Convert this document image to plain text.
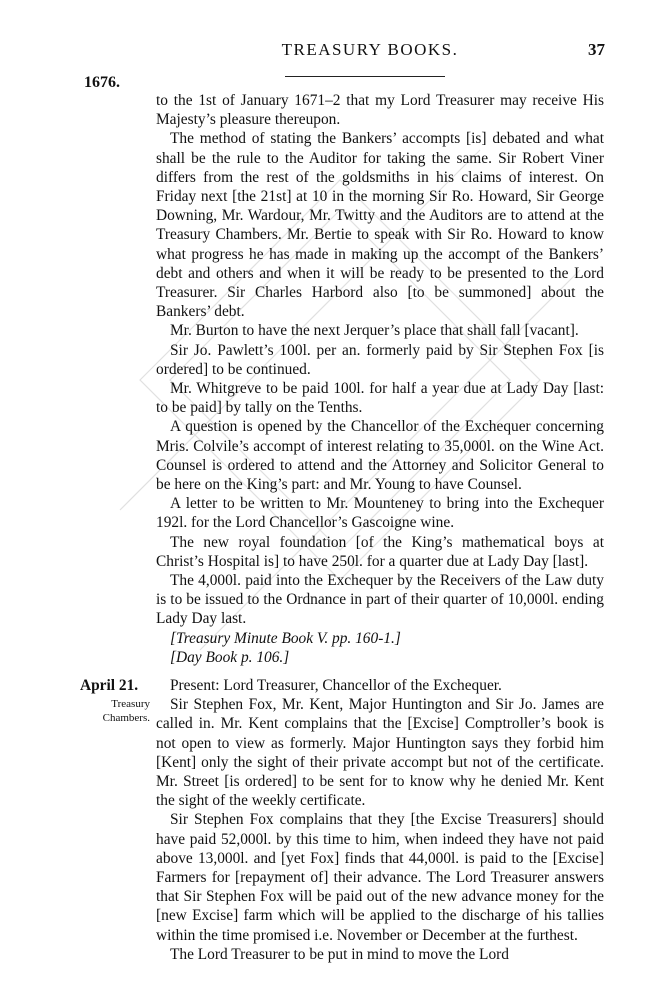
TREASURY BOOKS.	37
1676.

to the 1st of January 1671–2 that my Lord Treasurer may receive His Majesty’s pleasure thereupon.

The method of stating the Bankers’ accompts [is] debated and what shall be the rule to the Auditor for taking the same. Sir Robert Viner differs from the rest of the goldsmiths in his claims of interest. On Friday next [the 21st] at 10 in the morning Sir Ro. Howard, Sir George Downing, Mr. Wardour, Mr. Twitty and the Auditors are to attend at the Treasury Chambers. Mr. Bertie to speak with Sir Ro. Howard to know what progress he has made in making up the accompt of the Bankers’ debt and others and when it will be ready to be presented to the Lord Treasurer. Sir Charles Harbord also [to be summoned] about the Bankers’ debt.

Mr. Burton to have the next Jerquer’s place that shall fall [vacant].

Sir Jo. Pawlett’s 100l. per an. formerly paid by Sir Stephen Fox [is ordered] to be continued.

Mr. Whitgreve to be paid 100l. for half a year due at Lady Day [last: to be paid] by tally on the Tenths.

A question is opened by the Chancellor of the Exchequer concerning Mris. Colvile’s accompt of interest relating to 35,000l. on the Wine Act. Counsel is ordered to attend and the Attorney and Solicitor General to be here on the King’s part: and Mr. Young to have Counsel.

A letter to be written to Mr. Mounteney to bring into the Exchequer 192l. for the Lord Chancellor’s Gascoigne wine.

The new royal foundation [of the King’s mathematical boys at Christ’s Hospital is] to have 250l. for a quarter due at Lady Day [last].

The 4,000l. paid into the Exchequer by the Receivers of the Law duty is to be issued to the Ordnance in part of their quarter of 10,000l. ending Lady Day last.

[Treasury Minute Book V. pp. 160-1.]

[Day Book p. 106.]

April 21.
Treasury Chambers.

Present: Lord Treasurer, Chancellor of the Exchequer.

Sir Stephen Fox, Mr. Kent, Major Huntington and Sir Jo. James are called in. Mr. Kent complains that the [Excise] Comptroller’s book is not open to view as formerly. Major Huntington says they forbid him [Kent] only the sight of their private accompt but not of the certificate. Mr. Street [is ordered] to be sent for to know why he denied Mr. Kent the sight of the weekly certificate.

Sir Stephen Fox complains that they [the Excise Treasurers] should have paid 52,000l. by this time to him, when indeed they have not paid above 13,000l. and [yet Fox] finds that 44,000l. is paid to the [Excise] Farmers for [repayment of] their advance. The Lord Treasurer answers that Sir Stephen Fox will be paid out of the new advance money for the [new Excise] farm which will be applied to the discharge of his tallies within the time promised i.e. November or December at the furthest.

The Lord Treasurer to be put in mind to move the Lord
